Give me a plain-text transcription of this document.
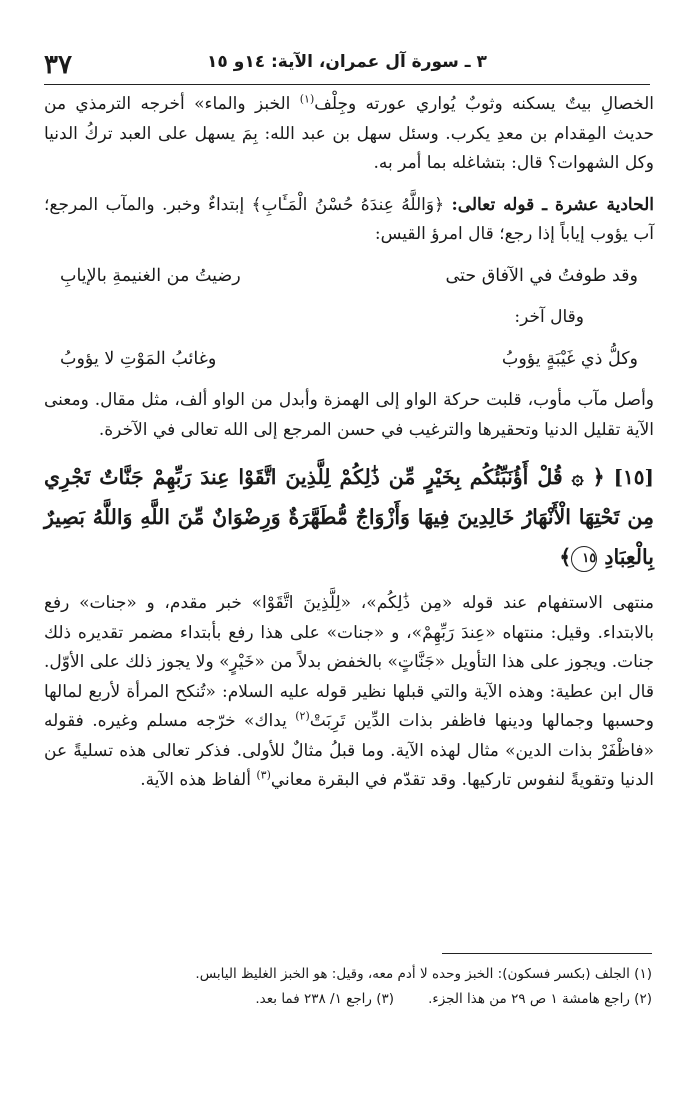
٣٧	٣ ـ سورة آل عمران، الآية: ١٤و ١٥

الخصالِ بيتٌ يسكنه وثوبٌ يُواري عورته وجِلْف$^{(١)}$ الخبز والماء» أخرجه الترمذي من حديث المِقدام بن معدِ يكرب. وسئل سهل بن عبد الله: بِمَ يسهل على العبد تركُ الدنيا وكل الشهوات؟ قال: بتشاغله بما أمر به.

الحادية عشرة ـ قوله تعالى: ﴿وَاللَّهُ عِندَهُ حُسْنُ الْمَـَٔابِ﴾ إبتداءٌ وخبر. والمآب المرجع؛ آب يؤوب إياباً إذا رجع؛ قال امرؤ القيس:

وقد طوفتُ في الآفاق حتى
رضيتُ من الغنيمةِ بالإيابِ

وقال آخر:

وكلُّ ذي غَيْبَةٍ يؤوبُ
وغائبُ المَوْتِ لا يؤوبُ

وأصل مآب مأوب، قلبت حركة الواو إلى الهمزة وأبدل من الواو ألف، مثل مقال. ومعنى الآية تقليل الدنيا وتحقيرها والترغيب في حسن المرجع إلى الله تعالى في الآخرة.

[١٥] ﴿ ۞ قُلْ أَؤُنَبِّئُكُم بِخَيْرٍ مِّن ذَٰلِكُمْ لِلَّذِينَ اتَّقَوْا عِندَ رَبِّهِمْ جَنَّاتٌ تَجْرِي مِن تَحْتِهَا الْأَنْهَارُ خَالِدِينَ فِيهَا وَأَزْوَاجٌ مُّطَهَّرَةٌ وَرِضْوَانٌ مِّنَ اللَّهِ وَاللَّهُ بَصِيرٌ بِالْعِبَادِ ١٥﴾

منتهى الاستفهام عند قوله «مِن ذَٰلِكُم»، «لِلَّذِينَ اتَّقَوْا» خبر مقدم، و «جنات» رفع بالابتداء. وقيل: منتهاه «عِندَ رَبِّهِمْ»، و «جنات» على هذا رفع بأبتداء مضمر تقديره ذلك جنات. ويجوز على هذا التأويل «جَنَّاتٍ» بالخفض بدلاً من «خَيْرٍ» ولا يجوز ذلك على الأوّل. قال ابن عطية: وهذه الآية والتي قبلها نظير قوله عليه السلام: «تُنكح المرأة لأربع لمالها وحسبها وجمالها ودينها فاظفر بذات الدِّين تَرِبَتْ$^{(٢)}$ يداك» خرّجه مسلم وغيره. فقوله «فاظْفَرْ بذات الدين» مثال لهذه الآية. وما قبلُ مثالٌ للأولى. فذكر تعالى هذه تسليةً عن الدنيا وتقويةً لنفوس تاركيها. وقد تقدّم في البقرة معاني$^{(٣)}$ ألفاظ هذه الآية.

(١) الجلف (بكسر فسكون): الخبز وحده لا أدم معه، وقيل: هو الخبز الغليظ اليابس.
(٢) راجع هامشة ١ ص ٢٩ من هذا الجزء.
(٣) راجع ١/ ٢٣٨ فما بعد.
